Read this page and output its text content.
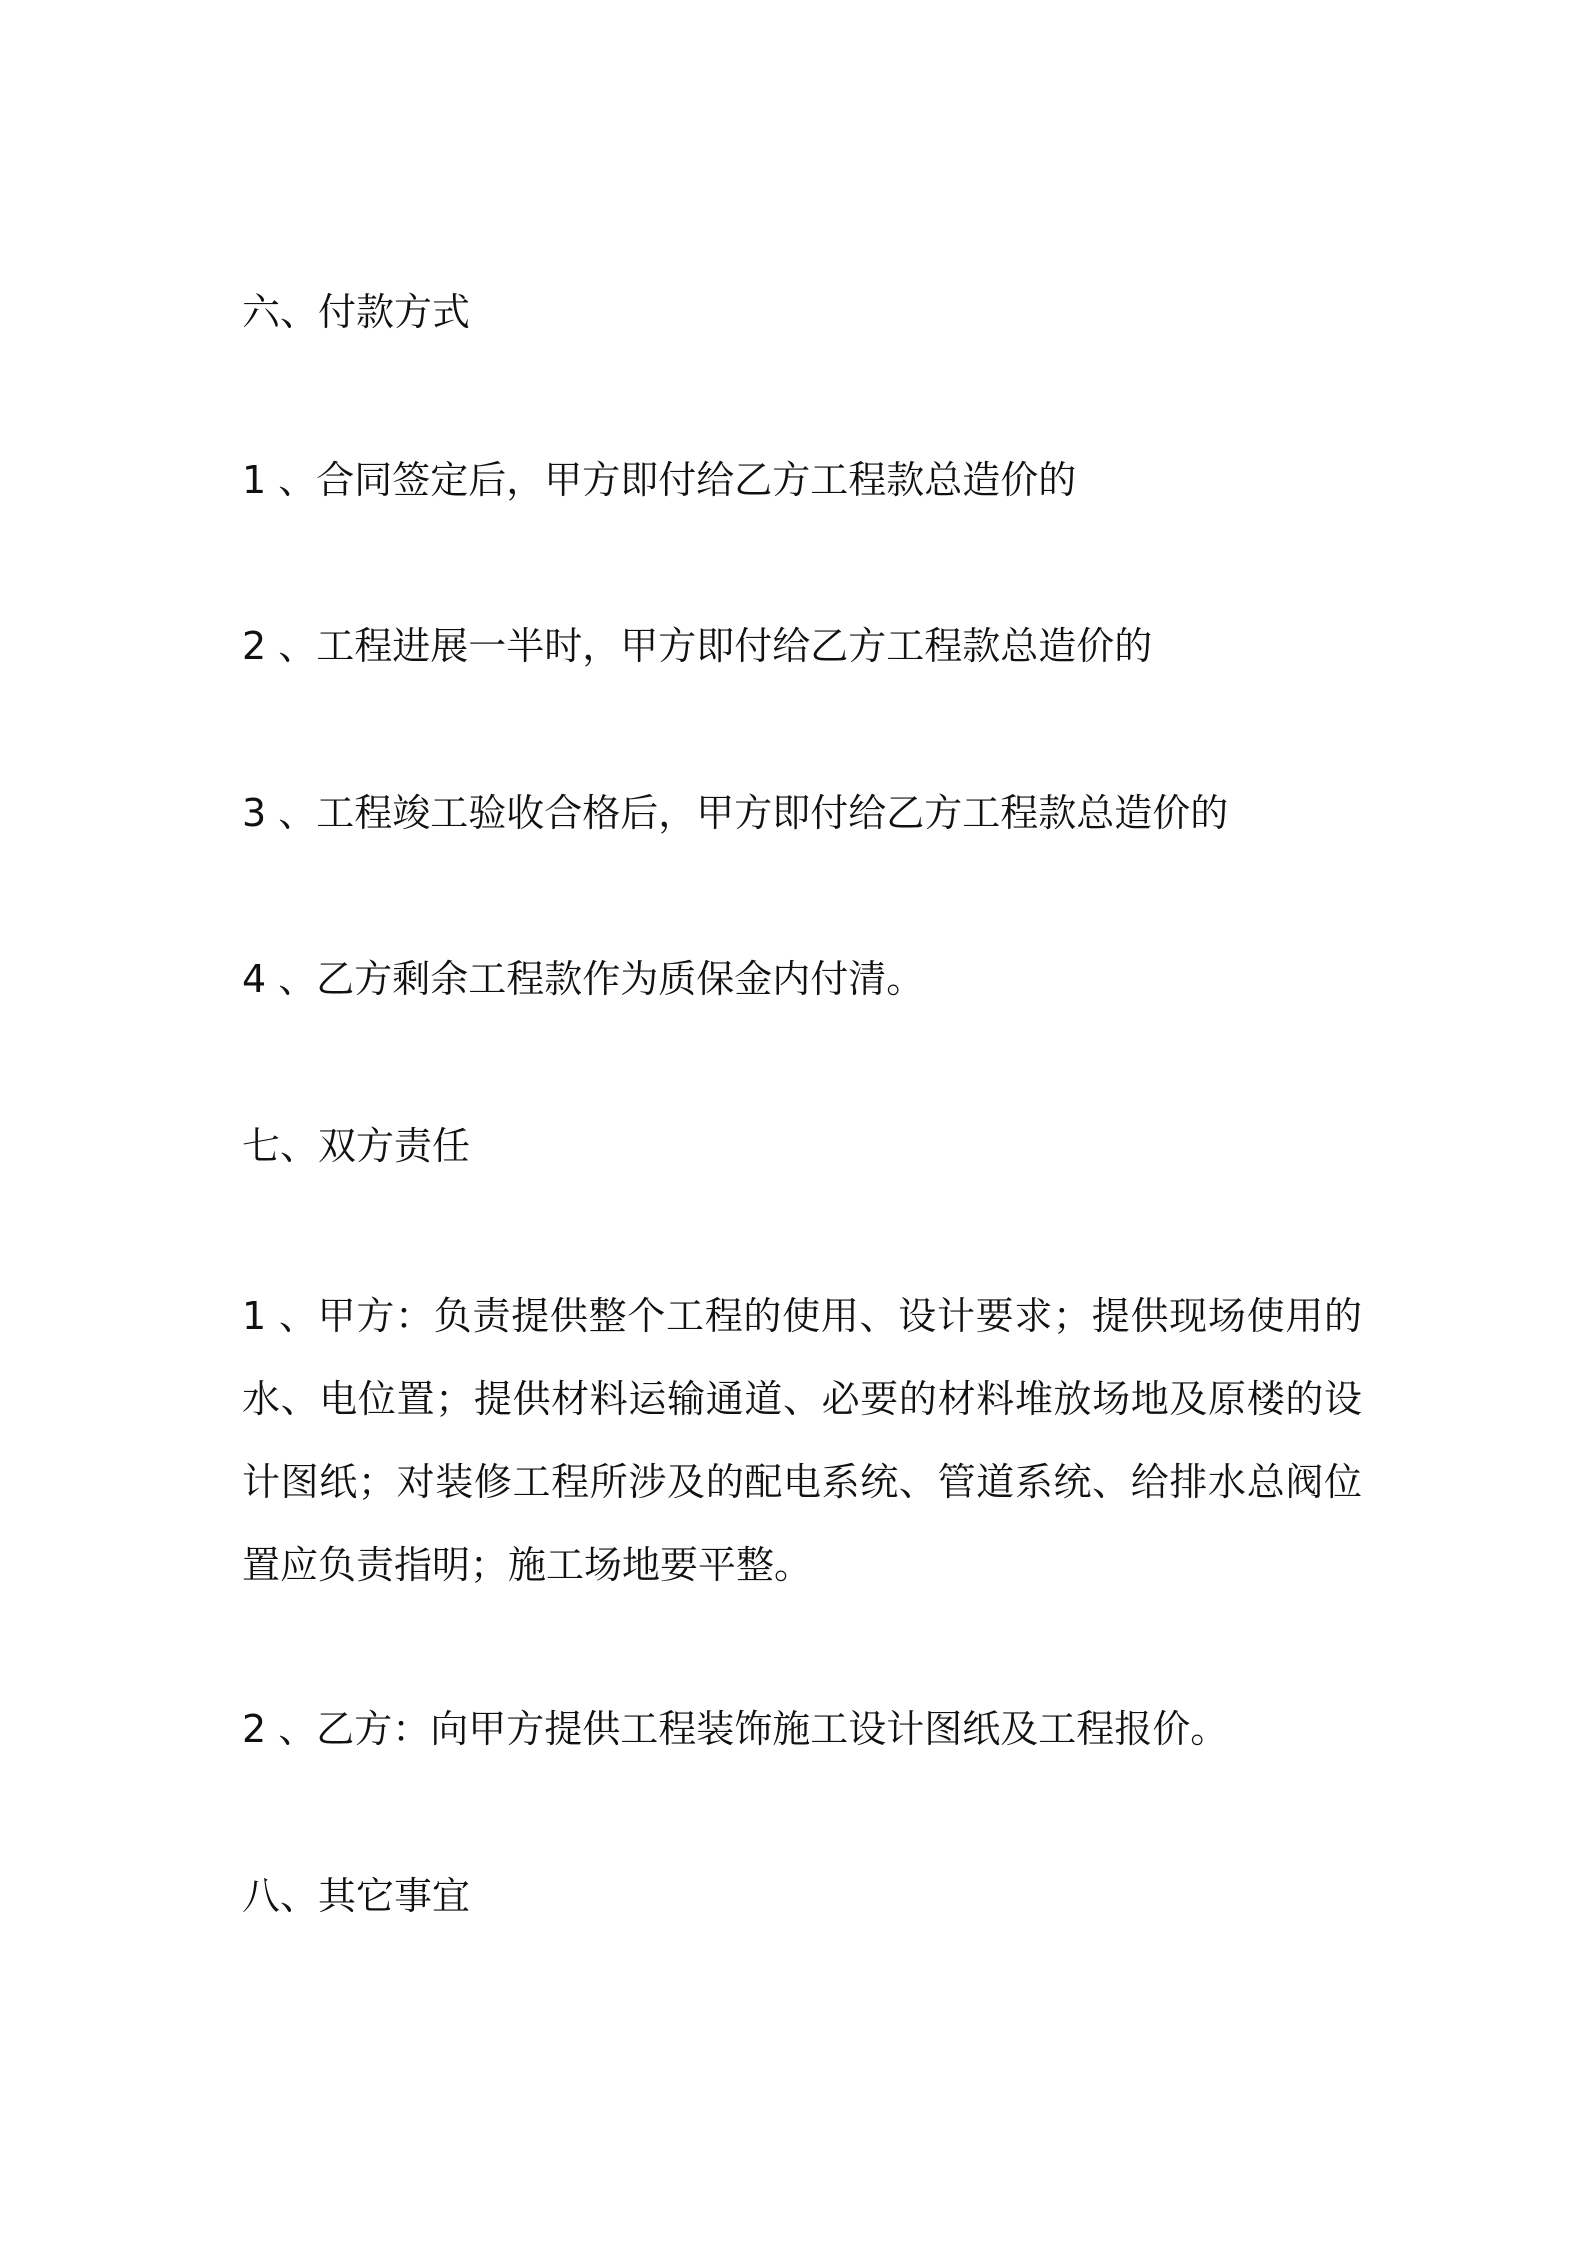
六、付款方式

1 、合同签定后，甲方即付给乙方工程款总造价的

2 、工程进展一半时，甲方即付给乙方工程款总造价的

3 、工程竣工验收合格后，甲方即付给乙方工程款总造价的

4 、乙方剩余工程款作为质保金内付清。

七、双方责任

1 、甲方：负责提供整个工程的使用、设计要求；提供现场使用的水、电位置；提供材料运输通道、必要的材料堆放场地及原楼的设计图纸；对装修工程所涉及的配电系统、管道系统、给排水总阀位置应负责指明；施工场地要平整。

2 、乙方：向甲方提供工程装饰施工设计图纸及工程报价。

八、其它事宜
